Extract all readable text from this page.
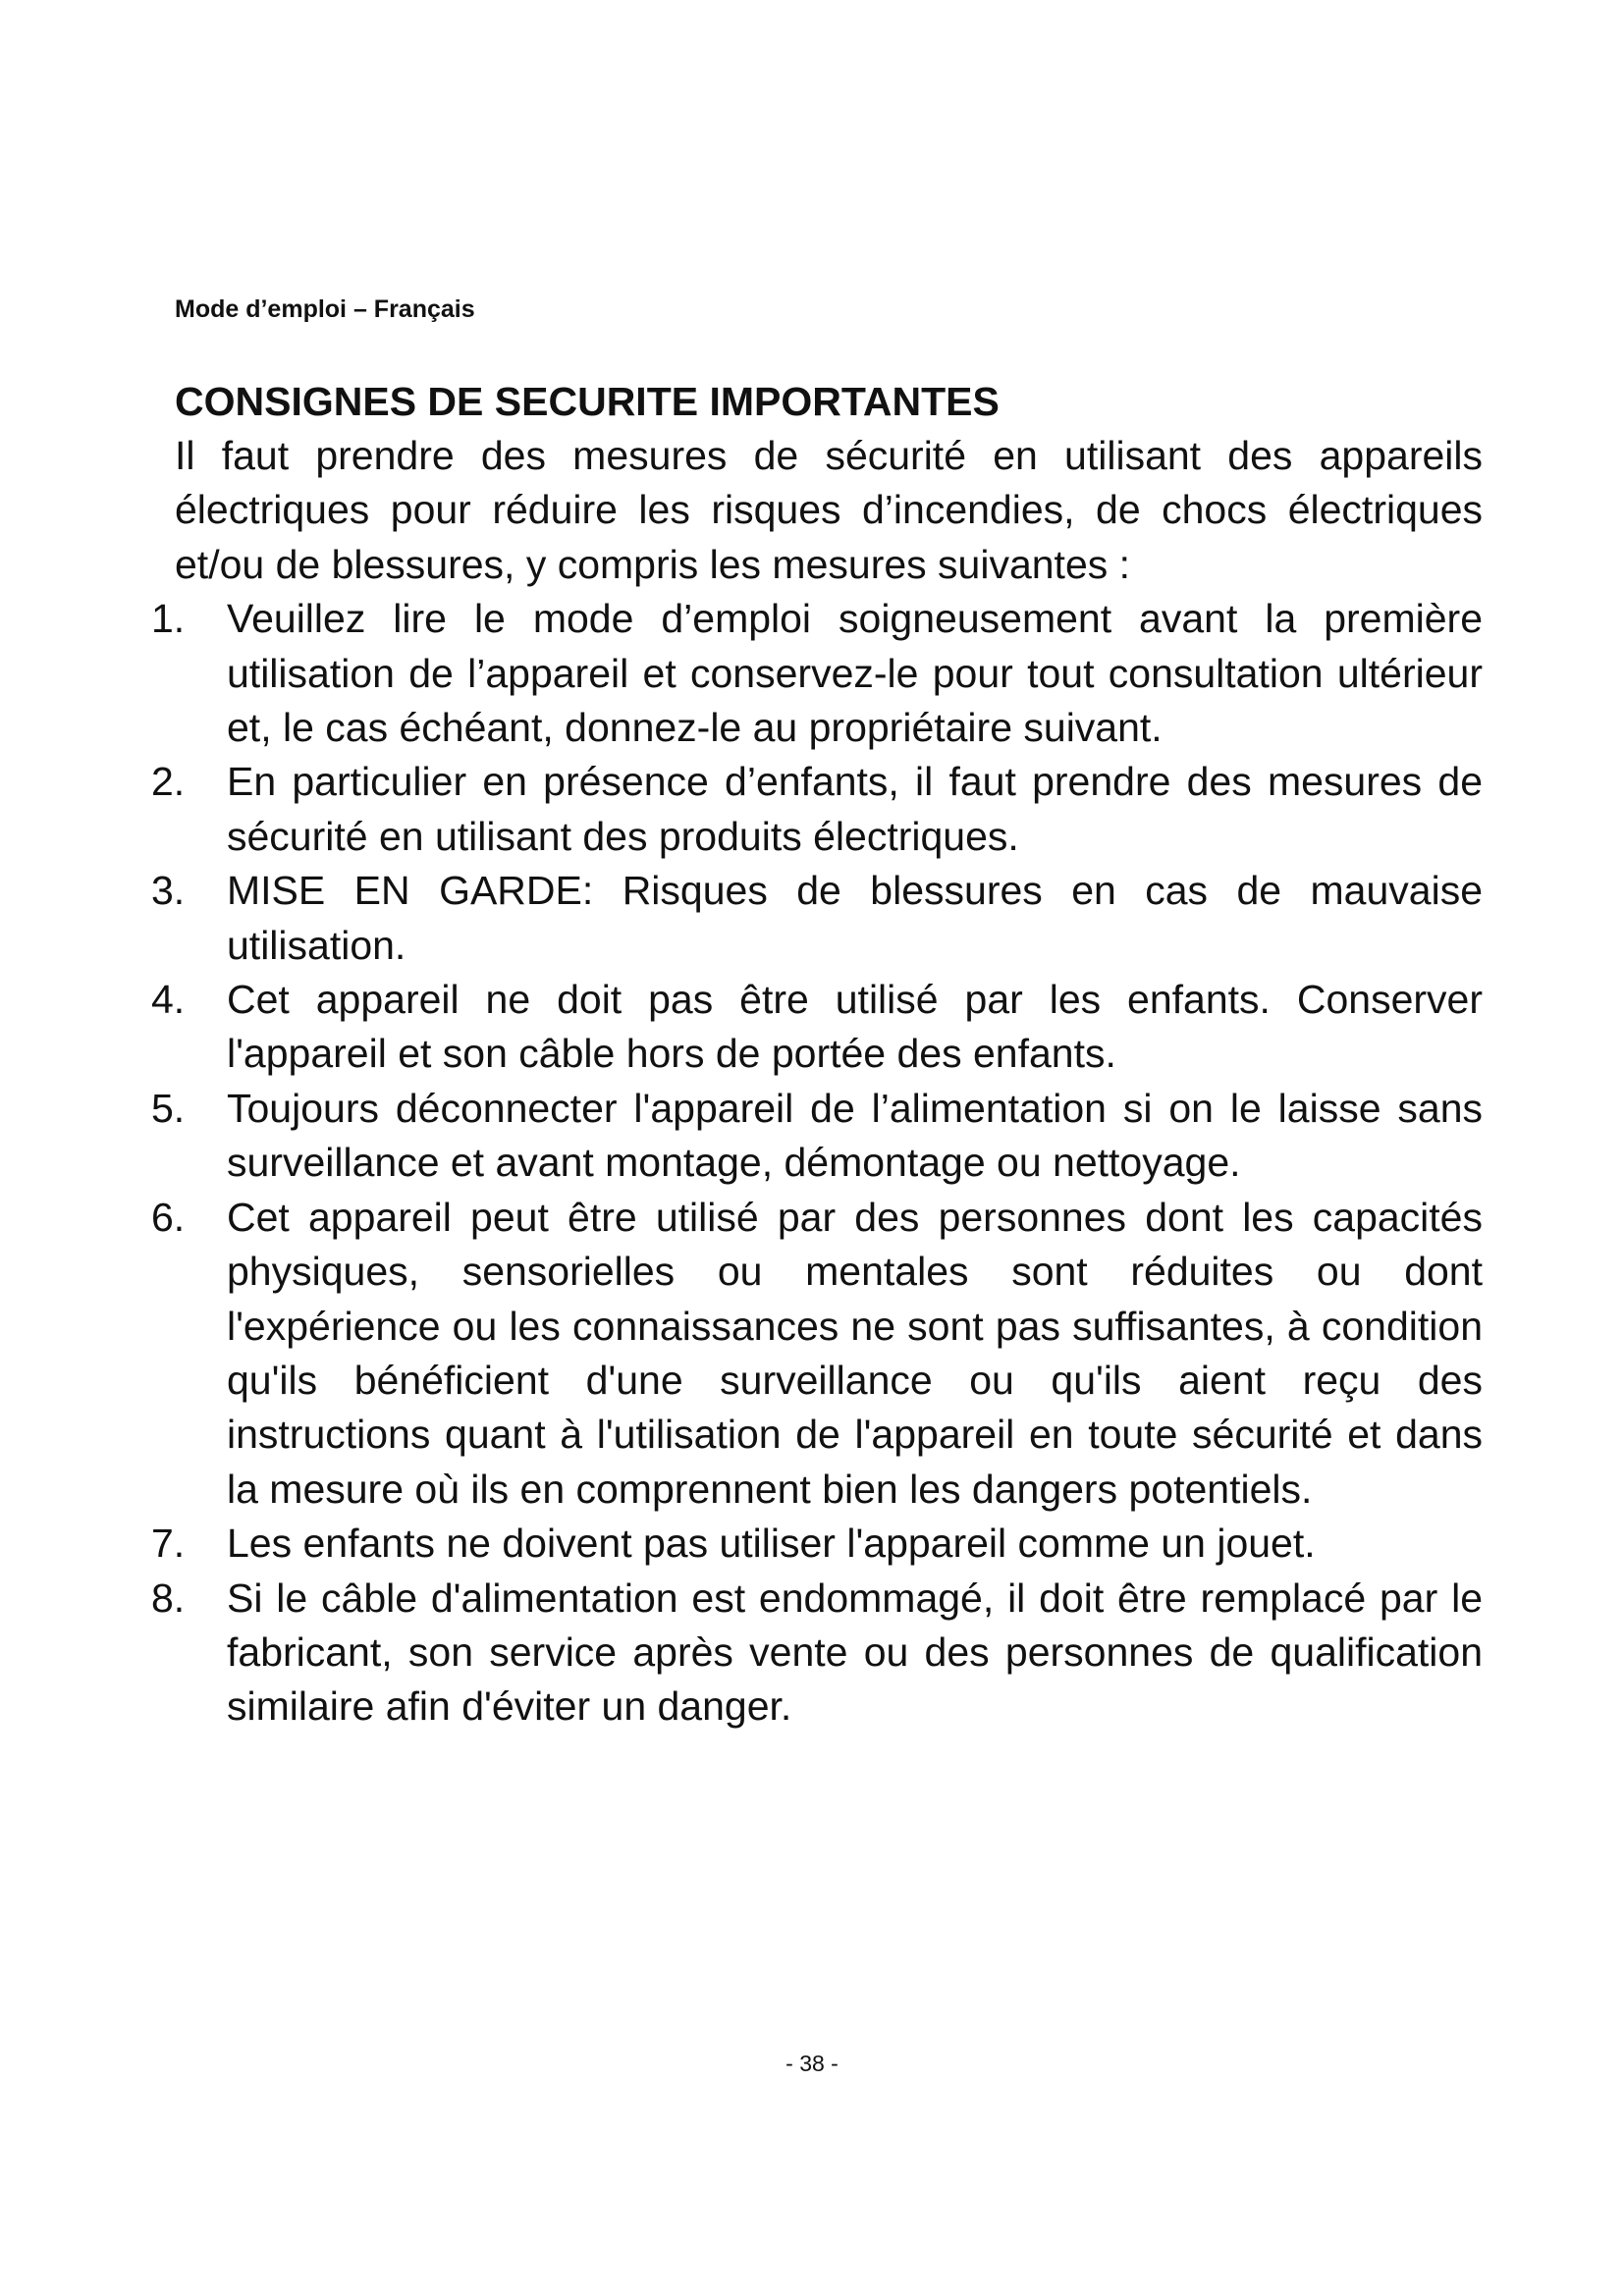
Mode d’emploi – Français
CONSIGNES DE SECURITE IMPORTANTES

Il faut prendre des mesures de sécurité en utilisant des appareils électriques pour réduire les risques d’incendies, de chocs électriques et/ou de blessures, y compris les mesures suivantes :

1.	Veuillez lire le mode d’emploi soigneusement avant la première utilisation de l’appareil et conservez-le pour tout consultation ultérieur et, le cas échéant, donnez-le au propriétaire suivant.
2.	En particulier en présence d’enfants, il faut prendre des mesures de sécurité en utilisant des produits électriques.
3.	MISE EN GARDE: Risques de blessures en cas de mauvaise utilisation.
4.	Cet appareil ne doit pas être utilisé par les enfants. Conserver l'appareil et son câble hors de portée des enfants.
5.	Toujours déconnecter l'appareil de l’alimentation si on le laisse sans surveillance et avant montage, démontage ou nettoyage.
6.	Cet appareil peut être utilisé par des personnes dont les capacités physiques, sensorielles ou mentales sont réduites ou dont l'expérience ou les connaissances ne sont pas suffisantes, à condition qu'ils bénéficient d'une surveillance ou qu'ils aient reçu des instructions quant à l'utilisation de l'appareil en toute sécurité et dans la mesure où ils en comprennent bien les dangers potentiels.
7.	Les enfants ne doivent pas utiliser l'appareil comme un jouet.
8.	Si le câble d'alimentation est endommagé, il doit être remplacé par le fabricant, son service après vente ou des personnes de qualification similaire afin d'éviter un danger.
- 38 -
